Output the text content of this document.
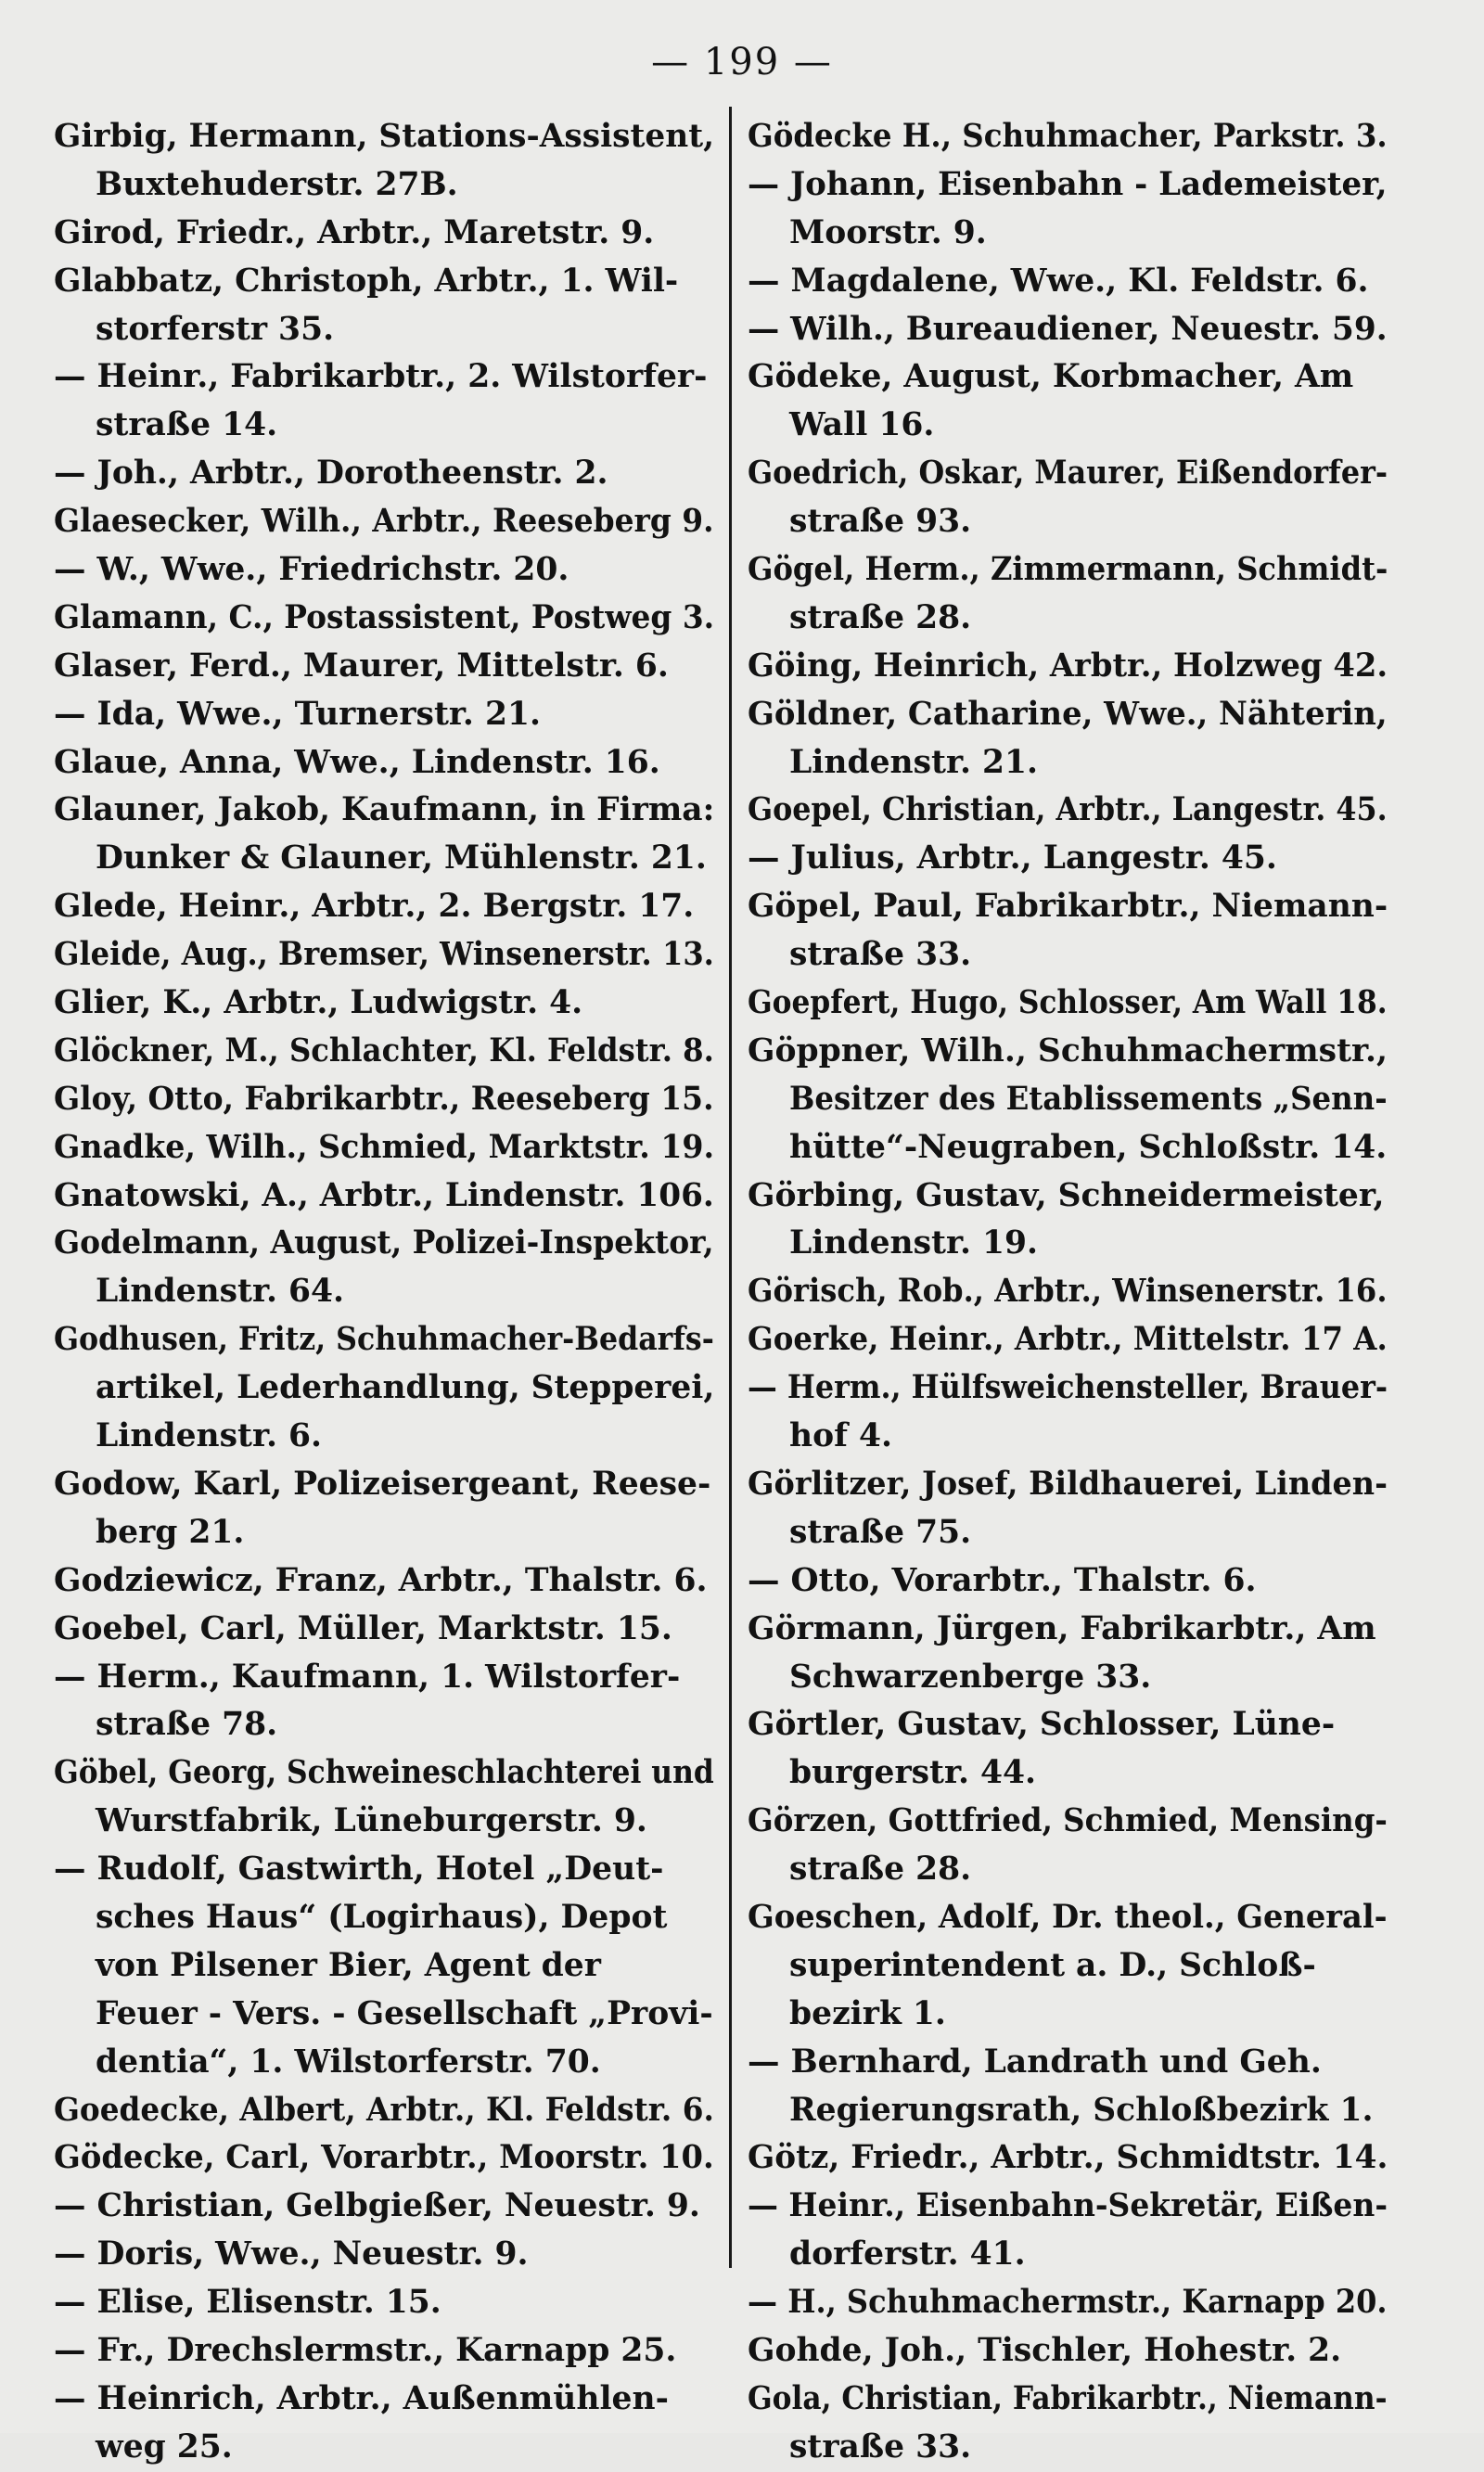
— 199 —
Girbig, Hermann, Stations-Assistent,
Buxtehuderstr. 27B.
Girod, Friedr., Arbtr., Maretstr. 9.
Glabbatz, Christoph, Arbtr., 1. Wil-
storferstr 35.
— Heinr., Fabrikarbtr., 2. Wilstorfer-
straße 14.
— Joh., Arbtr., Dorotheenstr. 2.
Glaesecker, Wilh., Arbtr., Reeseberg 9.
— W., Wwe., Friedrichstr. 20.
Glamann, C., Postassistent, Postweg 3.
Glaser, Ferd., Maurer, Mittelstr. 6.
— Ida, Wwe., Turnerstr. 21.
Glaue, Anna, Wwe., Lindenstr. 16.
Glauner, Jakob, Kaufmann, in Firma:
Dunker & Glauner, Mühlenstr. 21.
Glede, Heinr., Arbtr., 2. Bergstr. 17.
Gleide, Aug., Bremser, Winsenerstr. 13.
Glier, K., Arbtr., Ludwigstr. 4.
Glöckner, M., Schlachter, Kl. Feldstr. 8.
Gloy, Otto, Fabrikarbtr., Reeseberg 15.
Gnadke, Wilh., Schmied, Marktstr. 19.
Gnatowski, A., Arbtr., Lindenstr. 106.
Godelmann, August, Polizei-Inspektor,
Lindenstr. 64.
Godhusen, Fritz, Schuhmacher-Bedarfs-
artikel, Lederhandlung, Stepperei,
Lindenstr. 6.
Godow, Karl, Polizeisergeant, Reese-
berg 21.
Godziewicz, Franz, Arbtr., Thalstr. 6.
Goebel, Carl, Müller, Marktstr. 15.
— Herm., Kaufmann, 1. Wilstorfer-
straße 78.
Göbel, Georg, Schweineschlachterei und
Wurstfabrik, Lüneburgerstr. 9.
— Rudolf, Gastwirth, Hotel „Deut-
sches Haus“ (Logirhaus), Depot
von Pilsener Bier, Agent der
Feuer - Vers. - Gesellschaft „Provi-
dentia“, 1. Wilstorferstr. 70.
Goedecke, Albert, Arbtr., Kl. Feldstr. 6.
Gödecke, Carl, Vorarbtr., Moorstr. 10.
— Christian, Gelbgießer, Neuestr. 9.
— Doris, Wwe., Neuestr. 9.
— Elise, Elisenstr. 15.
— Fr., Drechslermstr., Karnapp 25.
— Heinrich, Arbtr., Außenmühlen-
weg 25.
Gödecke H., Schuhmacher, Parkstr. 3.
— Johann, Eisenbahn - Lademeister,
Moorstr. 9.
— Magdalene, Wwe., Kl. Feldstr. 6.
— Wilh., Bureaudiener, Neuestr. 59.
Gödeke, August, Korbmacher, Am
Wall 16.
Goedrich, Oskar, Maurer, Eißendorfer-
straße 93.
Gögel, Herm., Zimmermann, Schmidt-
straße 28.
Göing, Heinrich, Arbtr., Holzweg 42.
Göldner, Catharine, Wwe., Nähterin,
Lindenstr. 21.
Goepel, Christian, Arbtr., Langestr. 45.
— Julius, Arbtr., Langestr. 45.
Göpel, Paul, Fabrikarbtr., Niemann-
straße 33.
Goepfert, Hugo, Schlosser, Am Wall 18.
Göppner, Wilh., Schuhmachermstr.,
Besitzer des Etablissements „Senn-
hütte“-Neugraben, Schloßstr. 14.
Görbing, Gustav, Schneidermeister,
Lindenstr. 19.
Görisch, Rob., Arbtr., Winsenerstr. 16.
Goerke, Heinr., Arbtr., Mittelstr. 17 A.
— Herm., Hülfsweichensteller, Brauer-
hof 4.
Görlitzer, Josef, Bildhauerei, Linden-
straße 75.
— Otto, Vorarbtr., Thalstr. 6.
Görmann, Jürgen, Fabrikarbtr., Am
Schwarzenberge 33.
Görtler, Gustav, Schlosser, Lüne-
burgerstr. 44.
Görzen, Gottfried, Schmied, Mensing-
straße 28.
Goeschen, Adolf, Dr. theol., General-
superintendent a. D., Schloß-
bezirk 1.
— Bernhard, Landrath und Geh.
Regierungsrath, Schloßbezirk 1.
Götz, Friedr., Arbtr., Schmidtstr. 14.
— Heinr., Eisenbahn-Sekretär, Eißen-
dorferstr. 41.
— H., Schuhmachermstr., Karnapp 20.
Gohde, Joh., Tischler, Hohestr. 2.
Gola, Christian, Fabrikarbtr., Niemann-
straße 33.
